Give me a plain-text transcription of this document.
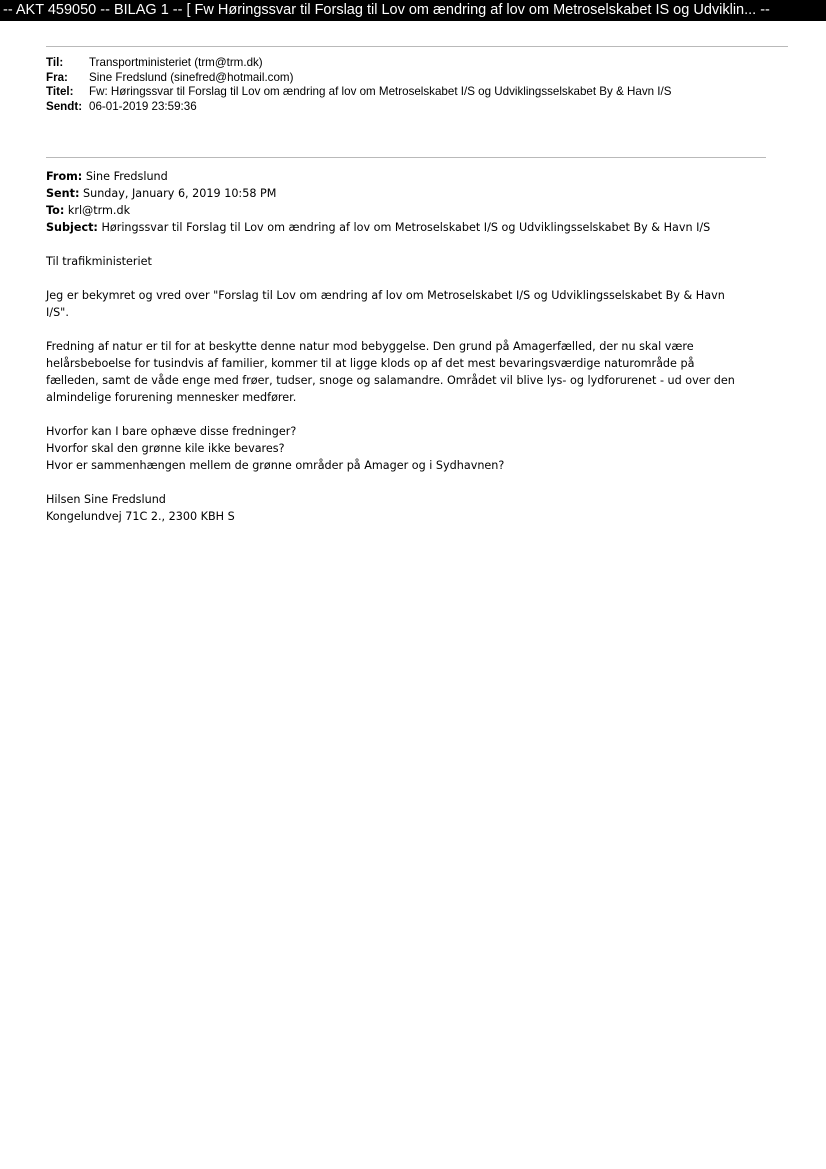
-- AKT 459050 -- BILAG 1 -- [ Fw Høringssvar til Forslag til Lov om ændring af lov om Metroselskabet IS og Udviklin... --
Til:	Transportministeriet (trm@trm.dk)
Fra:	Sine Fredslund (sinefred@hotmail.com)
Titel:	Fw: Høringssvar til Forslag til Lov om ændring af lov om Metroselskabet I/S og Udviklingsselskabet By & Havn I/S
Sendt: 06-01-2019 23:59:36
From: Sine Fredslund
Sent: Sunday, January 6, 2019 10:58 PM
To: krl@trm.dk
Subject: Høringssvar til Forslag til Lov om ændring af lov om Metroselskabet I/S og Udviklingsselskabet By & Havn I/S

Til trafikministeriet

Jeg er bekymret og vred over "Forslag til Lov om ændring af lov om Metroselskabet I/S og Udviklingsselskabet By & Havn
I/S".

Fredning af natur er til for at beskytte denne natur mod bebyggelse. Den grund på Amagerfælled, der nu skal være
helårsbeboelse for tusindvis af familier, kommer til at ligge klods op af det mest bevaringsværdige naturområde på
fælleden, samt de våde enge med frøer, tudser, snoge og salamandre. Området vil blive lys- og lydforurenet - ud over den
almindelige forurening mennesker medfører.

Hvorfor kan I bare ophæve disse fredninger?
Hvorfor skal den grønne kile ikke bevares?
Hvor er sammenhængen mellem de grønne områder på Amager og i Sydhavnen?

Hilsen Sine Fredslund
Kongelundvej 71C 2., 2300 KBH S
